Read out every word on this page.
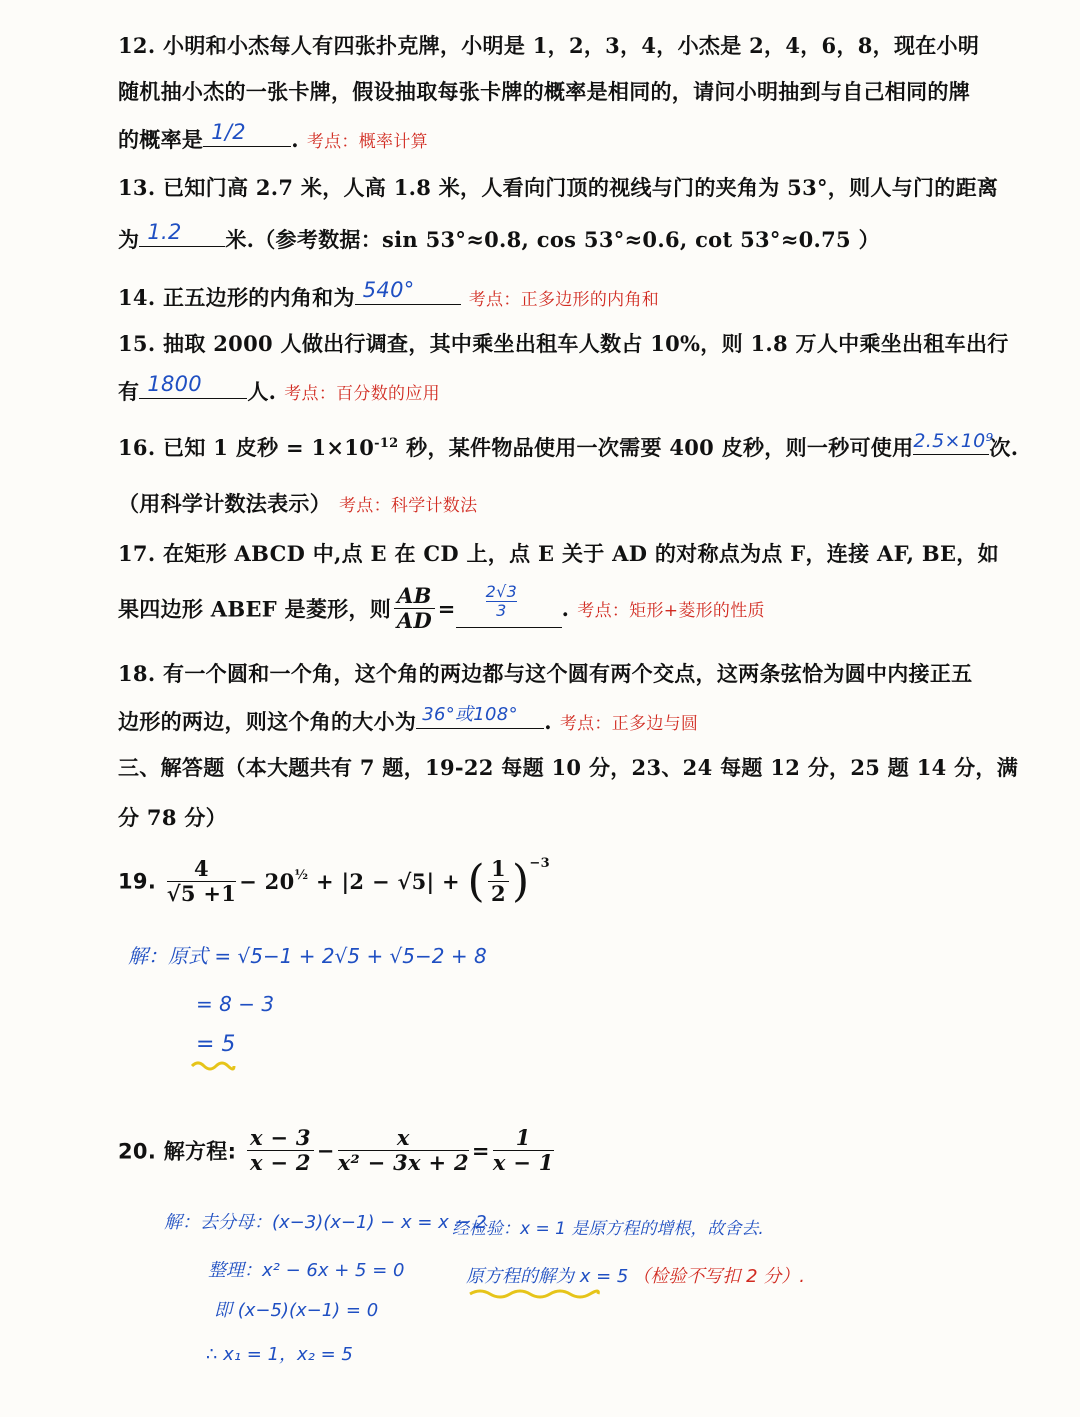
12. 小明和小杰每人有四张扑克牌，小明是 1，2，3，4，小杰是 2，4，6，8，现在小明
随机抽小杰的一张卡牌，假设抽取每张卡牌的概率是相同的，请问小明抽到与自己相同的牌
的概率是 1/2 . 考点：概率计算
13. 已知门高 2.7 米，人高 1.8 米，人看向门顶的视线与门的夹角为 53°，则人与门的距离
为 1.2 米.（参考数据：sin 53°≈0.8, cos 53°≈0.6, cot 53°≈0.75 ）
14. 正五边形的内角和为 540°	考点：正多边形的内角和
15. 抽取 2000 人做出行调查，其中乘坐出租车人数占 10%，则 1.8 万人中乘坐出租车出行
有 1800 人. 考点：百分数的应用
16. 已知 1 皮秒 = $1\times 10^{-12}$ 秒，某件物品使用一次需要 400 皮秒，则一秒可使用 2.5×10⁹
次.
（用科学计数法表示） 考点：科学计数法
17. 在矩形 ABCD 中,点 E 在 CD 上，点 E 关于 AD 的对称点为点 F，连接 AF, BE，如
果四边形 ABEF 是菱形，则 $\frac{AB}{AD} = \frac{2√3}{3}$ . 考点：矩形+菱形的性质
18. 有一个圆和一个角，这个角的两边都与这个圆有两个交点，这两条弦恰为圆中内接正五
边形的两边，则这个角的大小为 36°或108° . 考点：正多边与圆
三、解答题（本大题共有 7 题，19-22 每题 10 分，23、24 每题 12 分，25 题 14 分，满
分 78 分）
19. $\frac{4}{√5 +1} - 20^{\frac{1}{2}} + |2 - √5|$ + ( $\frac{1}{2} )^{-3}$
解：原式 = √5−1 + 2√5 + √5−2 + 8
= 8 − 3
= 5
20. 解方程: $\frac{x - 3}{x - 2} - \frac{x}{\text{x² − 3x + 2}} = \frac{1}{x - 1}$
解：去分母：(x−3)(x−1) − x = x − 2
整理：x² − 6x + 5 = 0
即 (x−5)(x−1) = 0
∴ x₁ = 1，x₂ = 5
经检验：x = 1 是原方程的增根，故舍去.
原方程的解为 x = 5 （检验不写扣 2 分）.
